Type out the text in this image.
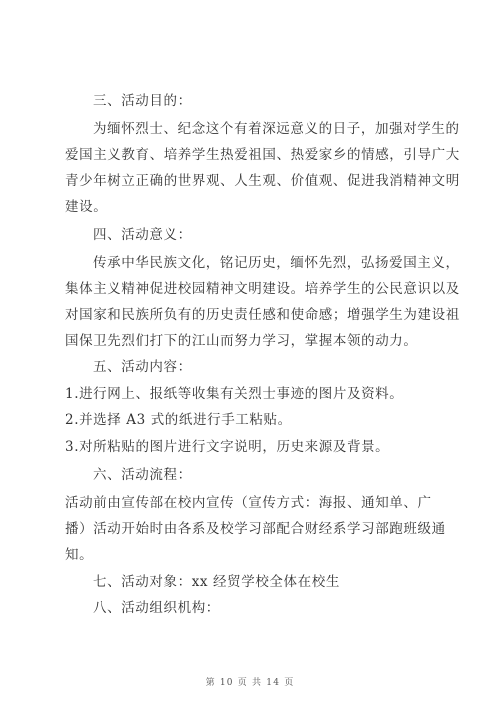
三、活动目的：
为缅怀烈士、纪念这个有着深远意义的日子，加强对学生的
爱国主义教育、培养学生热爱祖国、热爱家乡的情感，引导广大
青少年树立正确的世界观、人生观、价值观、促进我消精神文明
建设。
四、活动意义：
传承中华民族文化，铭记历史，缅怀先烈，弘扬爱国主义，
集体主义精神促进校园精神文明建设。培养学生的公民意识以及
对国家和民族所负有的历史责任感和使命感；增强学生为建设祖
国保卫先烈们打下的江山而努力学习，掌握本领的动力。
五、活动内容：
1.进行网上、报纸等收集有关烈士事迹的图片及资料。
2.并选择 A3 式的纸进行手工粘贴。
3.对所粘贴的图片进行文字说明，历史来源及背景。
六、活动流程：
活动前由宣传部在校内宣传（宣传方式：海报、通知单、广
播）活动开始时由各系及校学习部配合财经系学习部跑班级通
知。
七、活动对象：xx 经贸学校全体在校生
八、活动组织机构：
第 10 页 共 14 页
